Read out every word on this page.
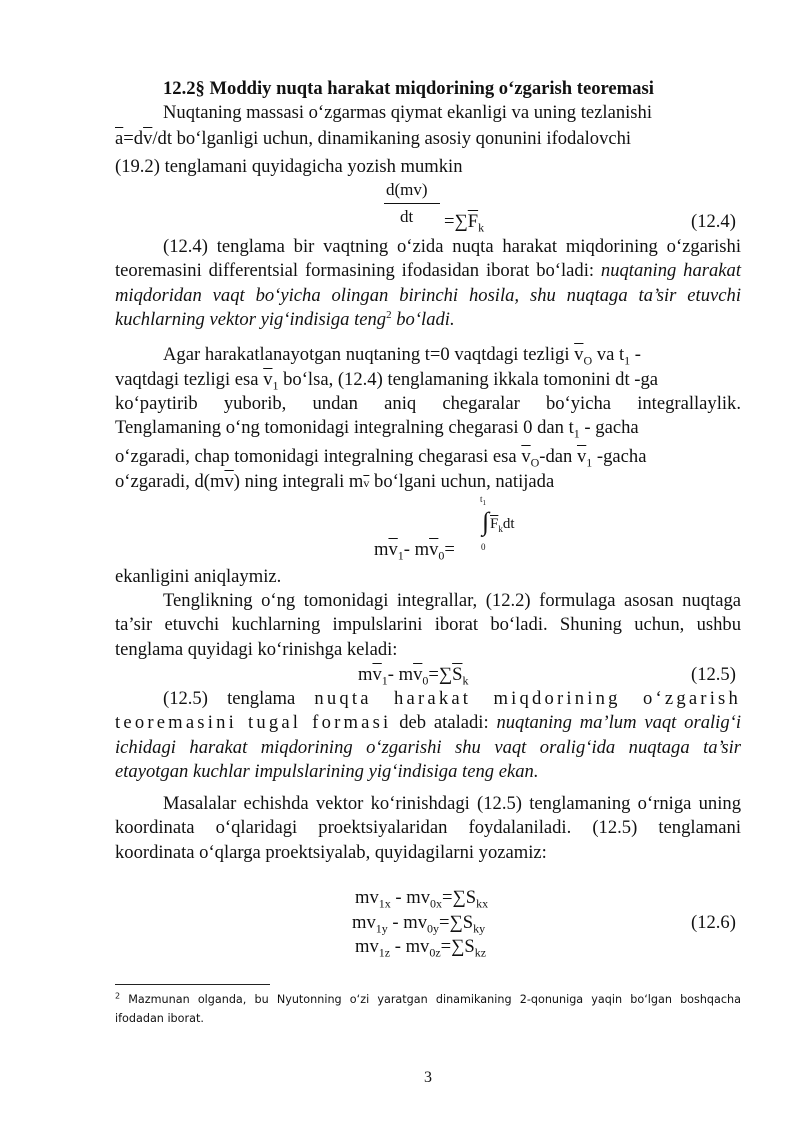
12.2§ Moddiy nuqta harakat miqdorining o‘zgarish teoremasi
Nuqtaning massasi o‘zgarmas qiymat ekanligi va uning tezlanishi
$\overline{a}=d\overline{v}/dt$ bo‘lganligi uchun, dinamikaning asosiy qonunini ifodalovchi
(19.2) tenglamani quyidagicha yozish mumkin
d(mv)
dt $=\sum\overline{F}_k$	(12.4)
(12.4) tenglama bir vaqtning o‘zida nuqta harakat miqdorining o‘zgarishi teoremasini differentsial formasining ifodasidan iborat bo‘ladi: nuqtaning harakat miqdoridan vaqt bo‘yicha olingan birinchi hosila, shu nuqtaga ta’sir etuvchi kuchlarning vektor yig‘indisiga teng$^2$ bo‘ladi.
Agar harakatlanayotgan nuqtaning t=0 vaqtdagi tezligi $\overline{v}_O$ va $t_1$ -
vaqtdagi tezligi esa $\overline{v}_1$ bo‘lsa, (12.4) tenglamaning ikkala tomonini dt -ga
ko‘paytirib yuborib, undan aniq chegaralar bo‘yicha integrallaylik.
Tenglamaning o‘ng tomonidagi integralning chegarasi 0 dan $t_1$ - gacha
o‘zgaradi, chap tomonidagi integralning chegarasi esa $\overline{v}_O$-dan $\overline{v}_1$ -gacha
o‘zgaradi, $d(m\overline{v})$ ning integrali $m\overline{v}$ bo‘lgani uchun, natijada
$t_1$
∫ $\overline{F}_kdt$
0
$m\overline{v}_1-$ $m\overline{v}_0=$
ekanligini aniqlaymiz.
Tenglikning o‘ng tomonidagi integrallar, (12.2) formulaga asosan nuqtaga ta’sir etuvchi kuchlarning impulslarini iborat bo‘ladi. Shuning uchun, ushbu tenglama quyidagi ko‘rinishga keladi:
$m\overline{v}_1-$ $m\overline{v}_0=\sum\overline{S}_k$	(12.5)
(12.5) tenglama nuqta harakat miqdorining o‘zgarish teoremasini tugal formasi deb ataladi: nuqtaning ma’lum vaqt oralig‘i ichidagi harakat miqdorining o‘zgarishi shu vaqt oralig‘ida nuqtaga ta’sir etayotgan kuchlar impulslarining yig‘indisiga teng ekan.
Masalalar echishda vektor ko‘rinishdagi (12.5) tenglamaning o‘rniga uning koordinata o‘qlaridagi proektsiyalaridan foydalaniladi. (12.5) tenglamani koordinata o‘qlarga proektsiyalab, quyidagilarni yozamiz:
$mv_{1x} - mv_{0x}=\sum S_{kx}$
$mv_{1y} - mv_{0y}=\sum S_{ky}$	(12.6)
$mv_{1z} - mv_{0z}=\sum S_{kz}$
$^2$ Mazmunan olganda, bu Nyutonning o‘zi yaratgan dinamikaning 2-qonuniga yaqin bo‘lgan boshqacha ifodadan iborat.
3
